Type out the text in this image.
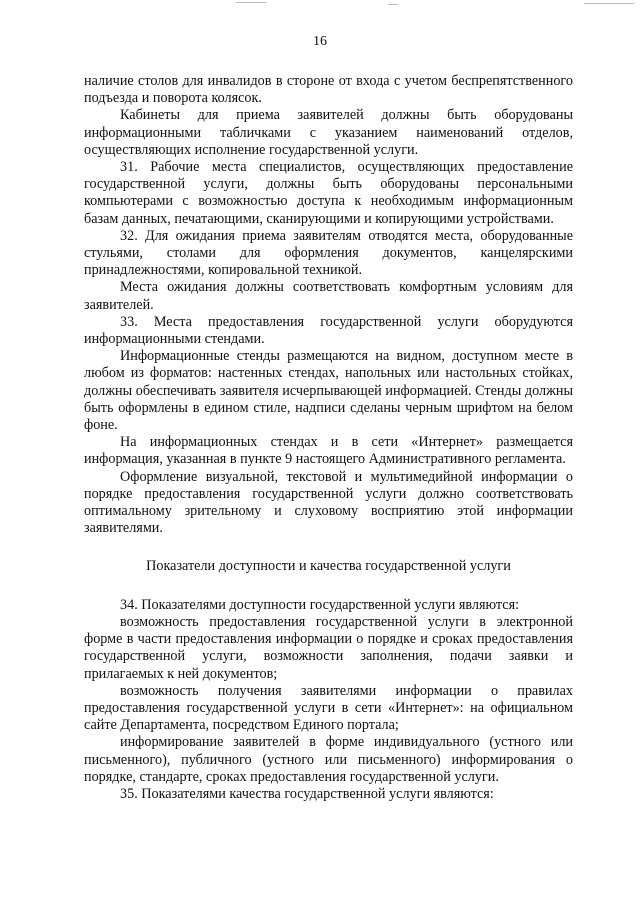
16

наличие столов для инвалидов в стороне от входа с учетом беспрепятственного подъезда и поворота колясок.

Кабинеты для приема заявителей должны быть оборудованы информационными табличками с указанием наименований отделов, осуществляющих исполнение государственной услуги.

31. Рабочие места специалистов, осуществляющих предоставление государственной услуги, должны быть оборудованы персональными компьютерами с возможностью доступа к необходимым информационным базам данных, печатающими, сканирующими и копирующими устройствами.

32. Для ожидания приема заявителям отводятся места, оборудованные стульями, столами для оформления документов, канцелярскими принадлежностями, копировальной техникой.

Места ожидания должны соответствовать комфортным условиям для заявителей.

33. Места предоставления государственной услуги оборудуются информационными стендами.

Информационные стенды размещаются на видном, доступном месте в любом из форматов: настенных стендах, напольных или настольных стойках, должны обеспечивать заявителя исчерпывающей информацией. Стенды должны быть оформлены в едином стиле, надписи сделаны черным шрифтом на белом фоне.

На информационных стендах и в сети «Интернет» размещается информация, указанная в пункте 9 настоящего Административного регламента.

Оформление визуальной, текстовой и мультимедийной информации о порядке предоставления государственной услуги должно соответствовать оптимальному зрительному и слуховому восприятию этой информации заявителями.

Показатели доступности и качества государственной услуги

34. Показателями доступности государственной услуги являются:

возможность предоставления государственной услуги в электронной форме в части предоставления информации о порядке и сроках предоставления государственной услуги, возможности заполнения, подачи заявки и прилагаемых к ней документов;

возможность получения заявителями информации о правилах предоставления государственной услуги в сети «Интернет»: на официальном сайте Департамента, посредством Единого портала;

информирование заявителей в форме индивидуального (устного или письменного), публичного (устного или письменного) информирования о порядке, стандарте, сроках предоставления государственной услуги.

35. Показателями качества государственной услуги являются:
